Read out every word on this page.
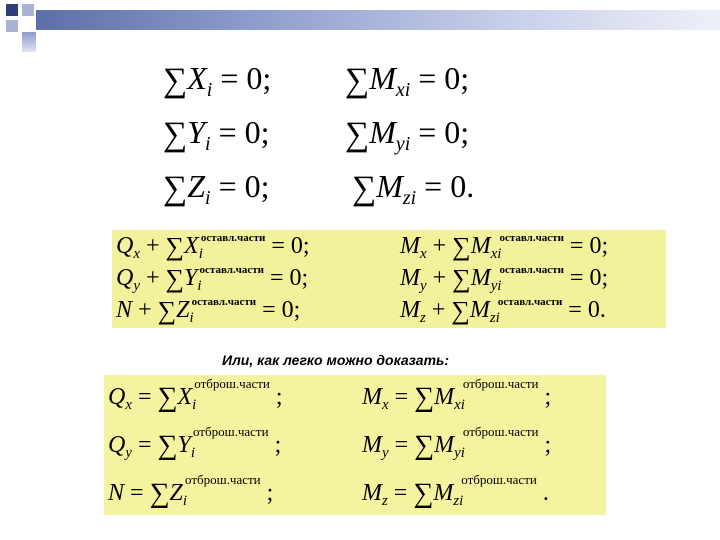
$\sum X_i = 0$; $\sum M_{xi} = 0$;
$\sum Y_i = 0$; $\sum M_{yi} = 0$;
$\sum Z_i = 0$; $\sum M_{zi} = 0$.
$Q_x + \sum X_i^{оставл.части} = 0$;	$M_x + \sum M_{xi}^{оставл.части} = 0$;
$Q_y + \sum Y_i^{оставл.части} = 0$;	$M_y + \sum M_{yi}^{оставл.части} = 0$;
$N + \sum Z_i^{оставл.части} = 0$;	$M_z + \sum M_{zi}^{оставл.части} = 0$.
Или, как легко можно доказать:
$Q_x = \sum X_i^{отброш.части}$ ;	$M_x = \sum M_{xi}^{отброш.части}$ ;
$Q_y = \sum Y_i^{отброш.части}$ ;	$M_y = \sum M_{yi}^{отброш.части}$ ;
$N = \sum Z_i^{отброш.части}$ ;	$M_z = \sum M_{zi}^{отброш.части}$ .
